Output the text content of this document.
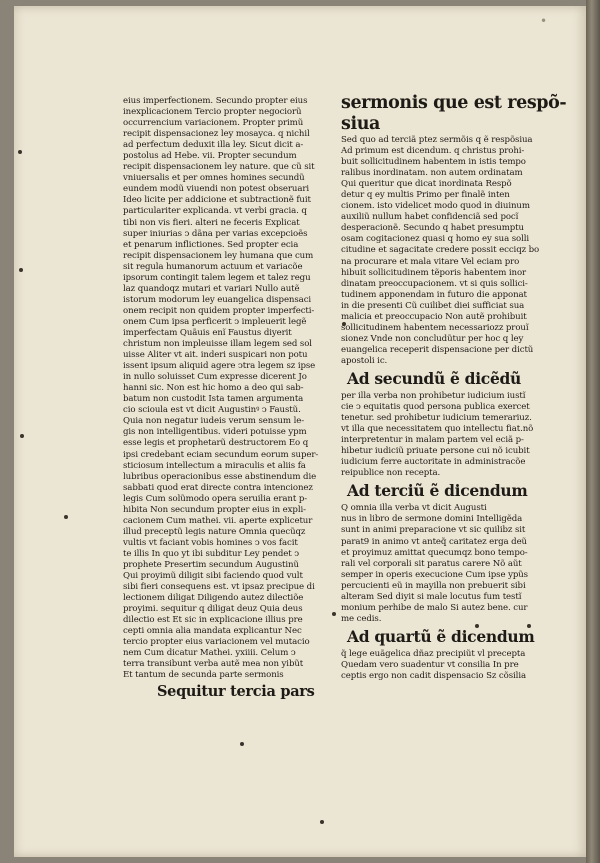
•
eius imperfectionem. Secundo propter eius
inexplicacionem Tercio propter negociorũ
occurrencium variacionem. Propter primũ
recipit dispensacionez ley mosayca. q nichil
ad perfectum deduxit illa ley. Sicut dicit a-
postolus ad Hebe. vii. Propter secundum
recipit dispensacionem ley nature. que cũ sit
vniuersalis et per omnes homines secundũ
eundem modũ viuendi non potest obseruari
Ideo licite per addicione et subtractionẽ fuit
particulariter explicanda. vt verbi gracia. q
tibi non vis fieri. alteri ne feceris Explicat
super iniurias ↄ dãna per varias excepcioẽs
et penarum inflictiones. Sed propter ecia
recipit dispensacionem ley humana que cum
sit regula humanorum actuum et variacõe
ipsorum contingit talem legem et talez regu
laz quandoqz mutari et variari Nullo autẽ
istorum modorum ley euangelica dispensaci
onem recipit non quidem propter imperfecti-
onem Cum ipsa perficerit ↄ impleuerit legẽ
imperfectam Quãuis enĩ Faustus diyerit
christum non impleuisse illam legem sed sol
uisse Aliter vt ait. inderi suspicari non potu
issent ipsum aliquid agere ↄtra legem sz ipse
in nullo soluisset Cum expresse dicerent Jo
hanni sic. Non est hic homo a deo qui sab-
batum non custodit Ista tamen argumenta
cio scioula est vt dicit Augustinꝰ ↄ Faustũ.
Quia non negatur iudeis verum sensum le-
gis non intelligentibus. videri potuisse ypm
esse legis et prophetarũ destructorem Eo q
ipsi credebant eciam secundum eorum super-
sticiosum intellectum a miraculis et aliis fa
lubribus operacionibus esse abstinendum die
sabbati quod erat directe contra intencionez
legis Cum solũmodo opera seruilia erant p-
hibita Non secundum propter eius in expli-
cacionem Cum mathei. vii. aperte explicetur
illud preceptũ legis nature Omnia quecũqz
vultis vt faciant vobis homines ↄ vos facit
te illis In quo yt ibi subditur Ley pendet ↄ
prophete Presertim secundum Augustinũ
Qui proyimũ diligit sibi faciendo quod vult
sibi fieri consequens est. vt ipsaz precipue di
lectionem diligat Diligendo autez dilectiõe
proyimi. sequitur q diligat deuz Quia deus
dilectio est Et sic in explicacione illius pre
cepti omnia alia mandata explicantur Nec
tercio propter eius variacionem vel mutacio
nem Cum dicatur Mathei. yxiiii. Celum ↄ
terra transibunt verba autẽ mea non yibũt
Et tantum de secunda parte sermonis
Sequitur tercia pars
sermonis que est respõ-
siua
Sed quo ad terciã ptez sermõis q ẽ respõsiua
Ad primum est dicendum. q christus prohi-
buit sollicitudinem habentem in istis tempo
ralibus inordinatam. non autem ordinatam
Qui queritur que dicat inordinata Respõ
detur q ey multis Primo per finalẽ inten
cionem. isto videlicet modo quod in diuinum
auxiliũ nullum habet confidenciã sed pocĩ
desperacionẽ. Secundo q habet presumptu
osam cogitacionez quasi q homo ey sua solli
citudine et sagacitate credere possit ecciqz bo
na procurare et mala vitare Vel eciam pro
hibuit sollicitudinem tẽporis habentem inor
dinatam preoccupacionem. vt si quis sollici-
tudinem apponendam in futuro die apponat
in die presenti Cũ cuilibet diei sufficiat sua
malicia et preoccupacio Non autẽ prohibuit
sollicitudinem habentem necessariozz prouĩ
sionez Vnde non concludũtur per hoc q ley
euangelica receperit dispensacione per dictũ
apostoli ic.
Ad secundũ ẽ dicẽdũ
per illa verba non prohibetur iudicium iustĩ
cie ↄ equitatis quod persona publica exercet
tenetur. sed prohibetur iudicium temerariuz.
vt illa que necessitatem quo intellectu fiat.nõ
interpretentur in malam partem vel eciã p-
hibetur iudiciũ priuate persone cui nõ icubit
iudicium ferre auctoritate in administracõe
reipublice non recepta.
Ad terciũ ẽ dicendum
Q omnia illa verba vt dicit Augusti
nus in libro de sermone domini Intelligẽda
sunt in animi preparacione vt sic quilibz sit
parat9 in animo vt anteq̃ caritatez erga deũ
et proyimuz amittat quecumqz bono tempo-
rali vel corporali sit paratus carere Nõ aũt
semper in operis execucione Cum ipse ypũs
percucienti eũ in mayilla non prebuerit sibi
alteram Sed diyit si male locutus fum testĩ
monium perhibe de malo Si autez bene. cur
me cedis.
Ad quartũ ẽ dicendum
q̃ lege euãgelica dñaz precipiũt vl precepta
Quedam vero suadentur vt consilia In pre
ceptis ergo non cadit dispensacio Sz cõsilia
